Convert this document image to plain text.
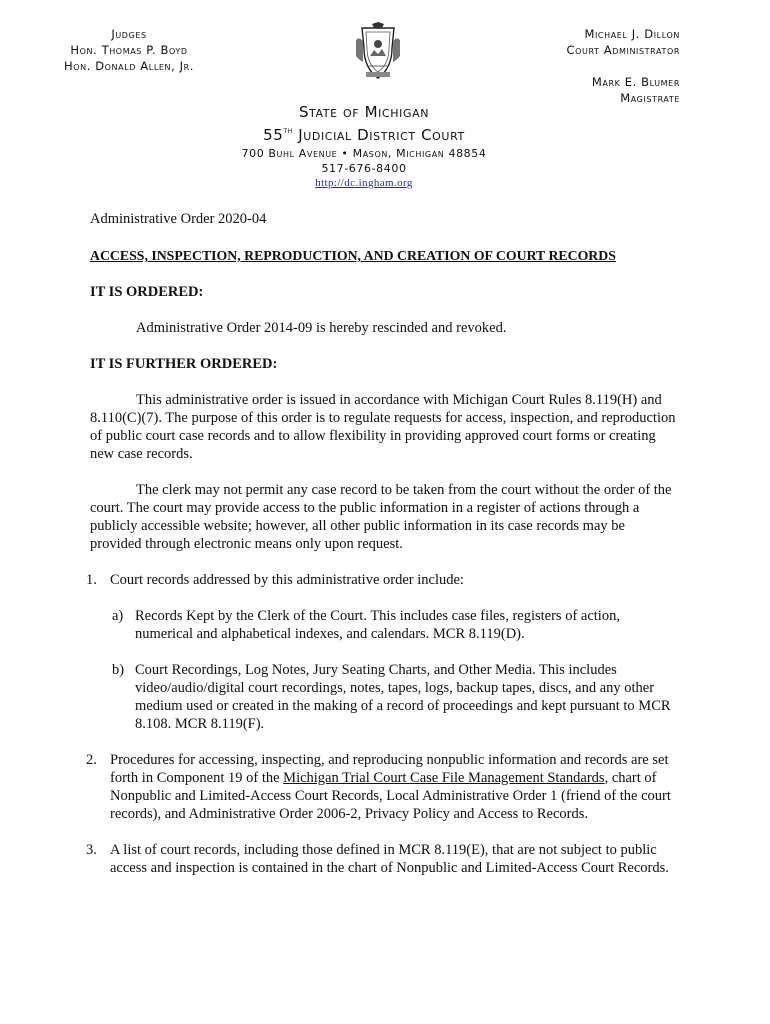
Judges
Hon. Thomas P. Boyd
Hon. Donald Allen, Jr.
Michael J. Dillon
Court Administrator
Mark E. Blumer
Magistrate
State of Michigan
55th Judicial District Court
700 Buhl Avenue • Mason, Michigan 48854
517-676-8400
http://dc.ingham.org

Administrative Order 2020-04

ACCESS, INSPECTION, REPRODUCTION, AND CREATION OF COURT RECORDS

IT IS ORDERED:

Administrative Order 2014-09 is hereby rescinded and revoked.

IT IS FURTHER ORDERED:

This administrative order is issued in accordance with Michigan Court Rules 8.119(H) and 8.110(C)(7). The purpose of this order is to regulate requests for access, inspection, and reproduction of public court case records and to allow flexibility in providing approved court forms or creating new case records.

The clerk may not permit any case record to be taken from the court without the order of the court. The court may provide access to the public information in a register of actions through a publicly accessible website; however, all other public information in its case records may be provided through electronic means only upon request.

1. Court records addressed by this administrative order include:
a) Records Kept by the Clerk of the Court. This includes case files, registers of action, numerical and alphabetical indexes, and calendars. MCR 8.119(D).
b) Court Recordings, Log Notes, Jury Seating Charts, and Other Media. This includes video/audio/digital court recordings, notes, tapes, logs, backup tapes, discs, and any other medium used or created in the making of a record of proceedings and kept pursuant to MCR 8.108. MCR 8.119(F).
2. Procedures for accessing, inspecting, and reproducing nonpublic information and records are set forth in Component 19 of the Michigan Trial Court Case File Management Standards, chart of Nonpublic and Limited-Access Court Records, Local Administrative Order 1 (friend of the court records), and Administrative Order 2006-2, Privacy Policy and Access to Records.
3. A list of court records, including those defined in MCR 8.119(E), that are not subject to public access and inspection is contained in the chart of Nonpublic and Limited-Access Court Records.
